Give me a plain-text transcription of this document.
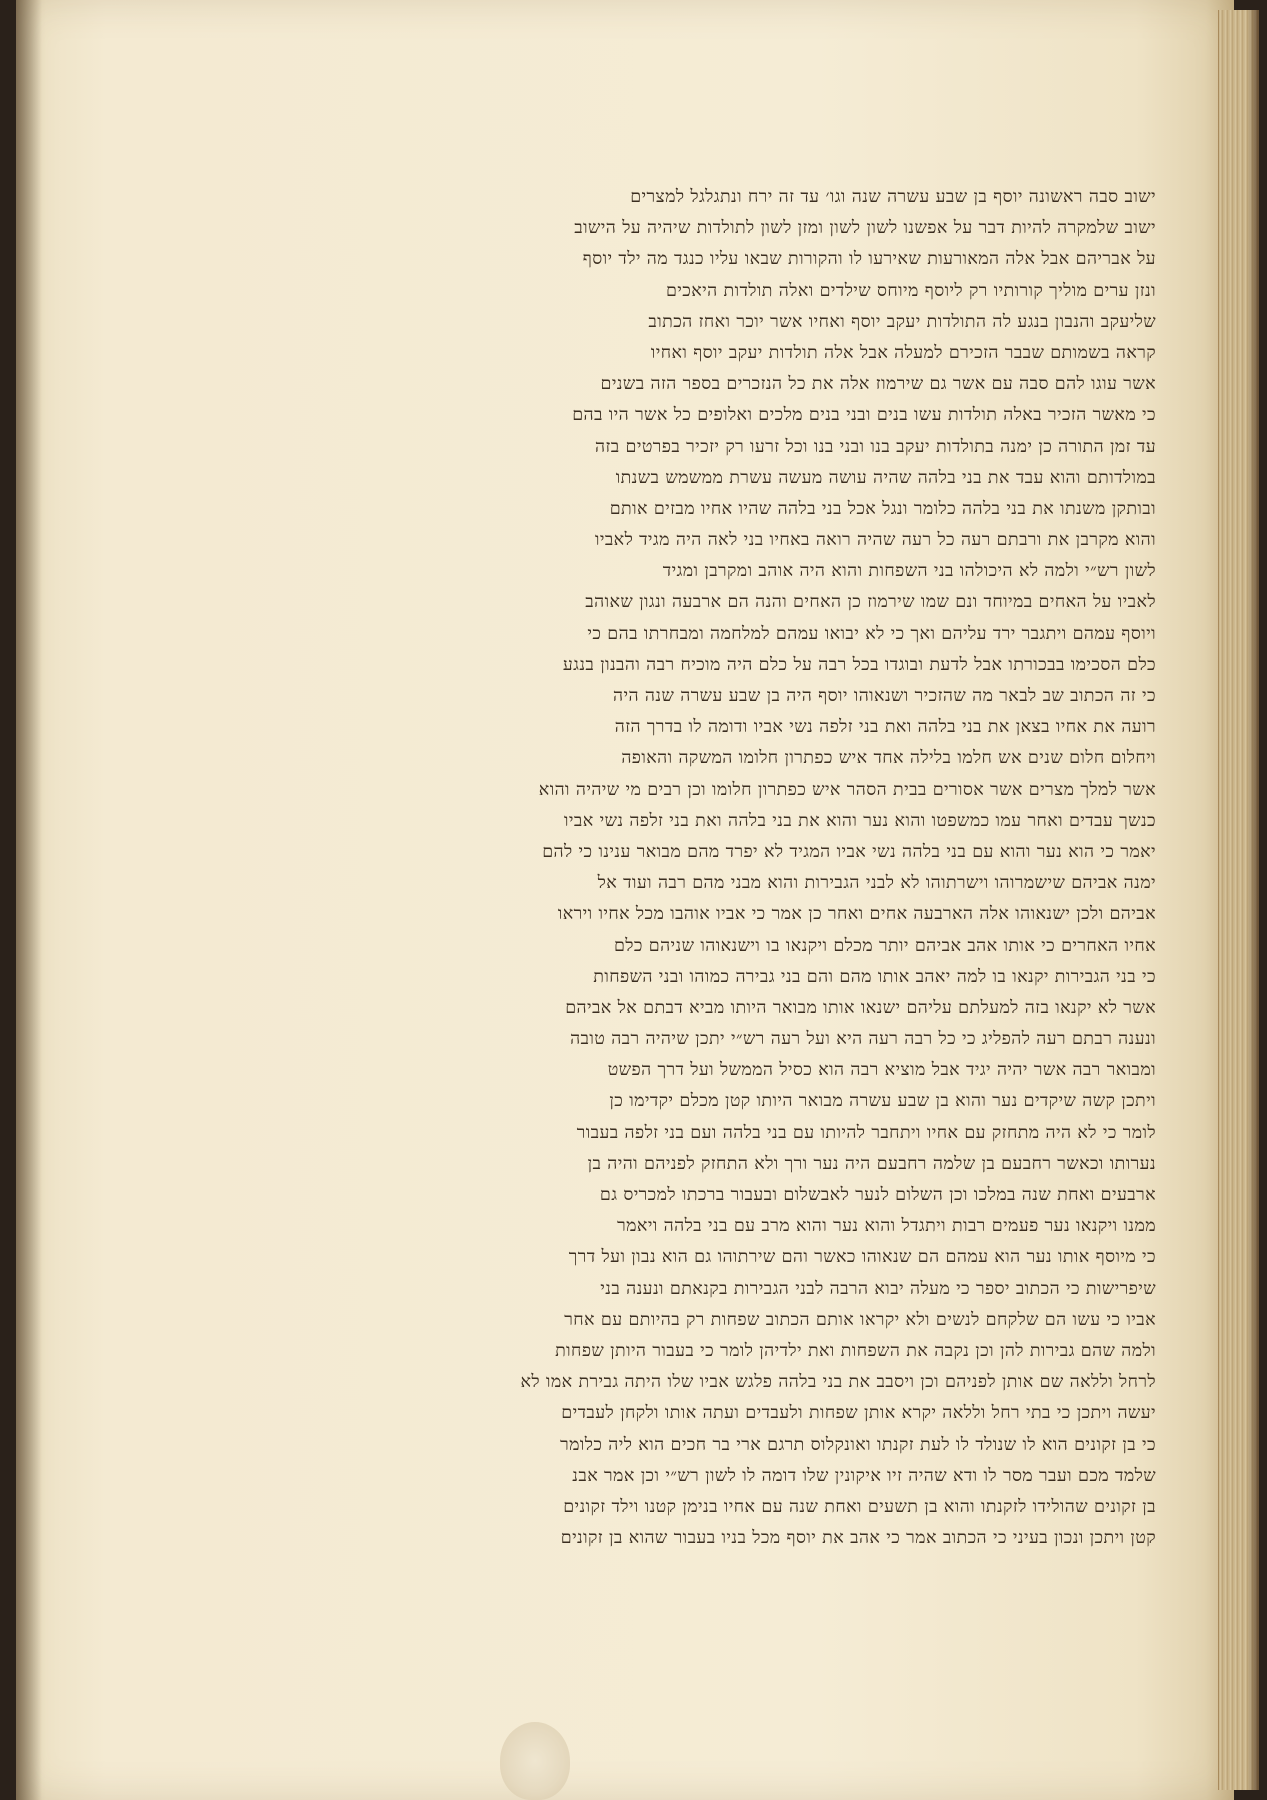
ישוב סבה ראשונה יוסף בן שבע עשרה שנה וגו׳ עד זה ירח ונתגלגל למצרים
ישוב שלמקרה להיות דבר על אפשנו לשון לשון ומזן לשון לתולדות שיהיה על הישוב
על אבריהם אבל אלה המאורעות שאירעו לו והקורות שבאו עליו כנגד מה ילד יוסף
ונזן ערים מוליך קורותיו רק ליוסף מיוחס שילדים ואלה תולדות היאכים
שליעקב והנבון בנגע לה התולדות יעקב יוסף ואחיו אשר יוכר ואחז הכתוב
קראה בשמותם שבבר הזכירם למעלה אבל אלה תולדות יעקב יוסף ואחיו
אשר עוגו להם סבה עם אשר גם שירמוז אלה את כל הנזכרים בספר הזה בשנים
כי מאשר הזכיר באלה תולדות עשו בנים ובני בנים מלכים ואלופים כל אשר היו בהם
עד זמן התורה כן ימנה בתולדות יעקב בנו ובני בנו וכל זרעו רק יזכיר בפרטים בזה
במולדותם והוא עבד את בני בלהה שהיה עושה מעשה עשרת ממשמש בשנתו
ובותקן משנתו את בני בלהה כלומר ונגל אכל בני בלהה שהיו אחיו מבזים אותם
והוא מקרבן את ורבתם רעה כל רעה שהיה רואה באחיו בני לאה היה מגיד לאביו
לשון רש״י ולמה לא היכולהו בני השפחות והוא היה אוהב ומקרבן ומגיד
לאביו על האחים במיוחד ונם שמו שירמוז כן האחים והנה הם ארבעה ונגון שאוהב
ויוסף עמהם ויתגבר ירד עליהם ואך כי לא יבואו עמהם למלחמה ומבחרתו בהם כי
כלם הסכימו בבכורתו אבל לדעת ובוגדו בכל רבה על כלם היה מוכיח רבה והבנון בנגע
כי זה הכתוב שב לבאר מה שהזכיר ושנאוהו יוסף היה בן שבע עשרה שנה היה
רועה את אחיו בצאן את בני בלהה ואת בני זלפה נשי אביו ודומה לו בדרך הזה
ויחלום חלום שנים אש חלמו בלילה אחד איש כפתרון חלומו המשקה והאופה
אשר למלך מצרים אשר אסורים בבית הסהר איש כפתרון חלומו וכן רבים מי שיהיה והוא
כנשך עבדים ואחר עמו כמשפטו והוא נער והוא את בני בלהה ואת בני זלפה נשי אביו
יאמר כי הוא נער והוא עם בני בלהה נשי אביו המגיד לא יפרד מהם מבואר ענינו כי להם
ימנה אביהם שישמרוהו וישרתוהו לא לבני הגבירות והוא מבני מהם רבה ועוד אל
אביהם ולכן ישנאוהו אלה הארבעה אחים ואחר כן אמר כי אביו אוהבו מכל אחיו ויראו
אחיו האחרים כי אותו אהב אביהם יותר מכלם ויקנאו בו וישנאוהו שניהם כלם
כי בני הגבירות יקנאו בו למה יאהב אותו מהם והם בני גבירה כמוהו ובני השפחות
אשר לא יקנאו בזה למעלתם עליהם ישנאו אותו מבואר היותו מביא דבתם אל אביהם
ונענה רבתם רעה להפליג כי כל רבה רעה היא ועל רעה רש״י יתכן שיהיה רבה טובה
ומבואר רבה אשר יהיה יגיד אבל מוציא רבה הוא כסיל הממשל ועל דרך הפשט
ויתכן קשה שיקדים נער והוא בן שבע עשרה מבואר היותו קטן מכלם יקדימו כן
לומר כי לא היה מתחזק עם אחיו ויתחבר להיותו עם בני בלהה ועם בני זלפה בעבור
נערותו וכאשר רחבעם בן שלמה רחבעם היה נער ורך ולא התחזק לפניהם והיה בן
ארבעים ואחת שנה במלכו וכן השלום לנער לאבשלום ובעבור ברכתו למכריס גם
ממנו ויקנאו נער פעמים רבות ויתגדל והוא נער והוא מרב עם בני בלהה ויאמר
כי מיוסף אותו נער הוא עמהם הם שנאוהו כאשר והם שירתוהו גם הוא נבון ועל דרך
שיפרישות כי הכתוב יספר כי מעלה יבוא הרבה לבני הגבירות בקנאתם ונענה בני
אביו כי עשו הם שלקחם לנשים ולא יקראו אותם הכתוב שפחות רק בהיותם עם אחר
ולמה שהם גבירות להן וכן נקבה את השפחות ואת ילדיהן לומר כי בעבור היותן שפחות
לרחל וללאה שם אותן לפניהם וכן ויסבב את בני בלהה פלגש אביו שלו היתה גבירת אמו לא
יעשה ויתכן כי בתי רחל וללאה יקרא אותן שפחות ולעבדים ועתה אותו ולקחן לעבדים
כי בן זקונים הוא לו שנולד לו לעת זקנתו ואונקלוס תרגם ארי בר חכים הוא ליה כלומר
שלמד מכם ועבר מסר לו ודא שהיה זיו איקונין שלו דומה לו לשון רש״י וכן אמר אבנ
בן זקונים שהולידו לזקנתו והוא בן תשעים ואחת שנה עם אחיו בנימן קטנו וילד זקונים
קטן ויתכן ונכון בעיני כי הכתוב אמר כי אהב את יוסף מכל בניו בעבור שהוא בן זקונים
